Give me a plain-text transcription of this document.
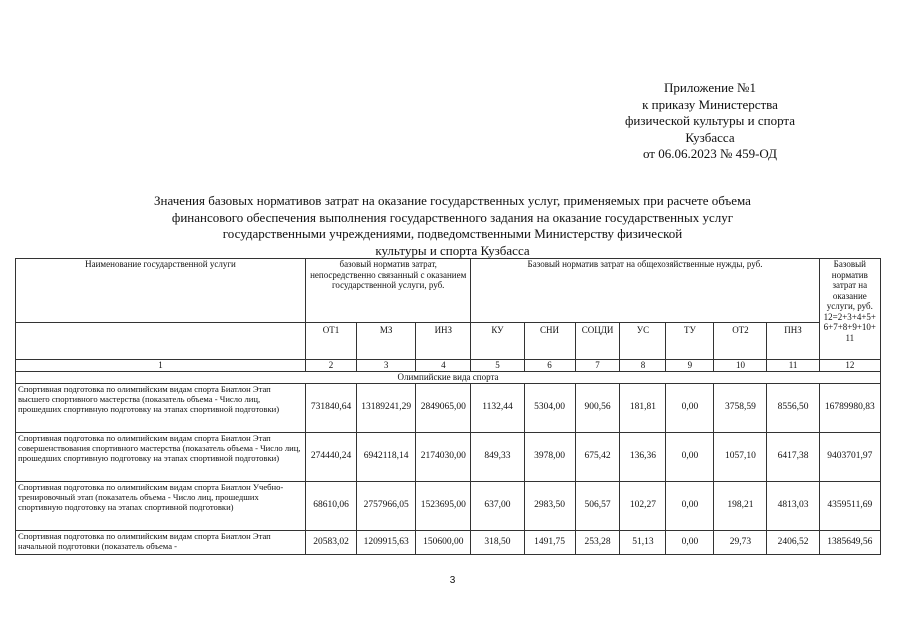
Приложение №1
к приказу Министерства
физической культуры и спорта
Кузбасса
от 06.06.2023 № 459-ОД
Значения базовых нормативов затрат на оказание государственных услуг, применяемых при расчете объема
финансового обеспечения выполнения государственного задания на оказание государственных услуг
государственными учреждениями, подведомственными Министерству физической
культуры и спорта Кузбасса
Наименование государственной услуги	базовый норматив затрат, непосредственно связанный с оказанием государственной услуги, руб.			Базовый норматив затрат на общехозяйственные нужды, руб.							Базовый норматив затрат на оказание услуги, руб.
12=2+3+4+5+6+7+8+9+10+11

	ОТ1	МЗ	ИНЗ	КУ	СНИ	СОЦДИ	УС	ТУ	ОТ2	ПНЗ	
1	2	3	4	5	6	7	8	9	10	11	12
Олимпийские вида спорта											
Спортивная подготовка по олимпийским видам спорта Биатлон Этап высшего спортивного мастерства (показатель объема - Число лиц, прошедших спортивную подготовку на этапах спортивной подготовки)	731840,64	13189241,29	2849065,00	1132,44	5304,00	900,56	181,81	0,00	3758,59	8556,50	16789980,83
Спортивная подготовка по олимпийским видам спорта Биатлон Этап совершенствования спортивного мастерства (показатель объема - Число лиц, прошедших спортивную подготовку на этапах спортивной подготовки)	274440,24	6942118,14	2174030,00	849,33	3978,00	675,42	136,36	0,00	1057,10	6417,38	9403701,97
Спортивная подготовка по олимпийским видам спорта Биатлон Учебно-тренировочный этап (показатель объема - Число лиц, прошедших спортивную подготовку на этапах спортивной подготовки)	68610,06	2757966,05	1523695,00	637,00	2983,50	506,57	102,27	0,00	198,21	4813,03	4359511,69
Спортивная подготовка по олимпийским видам спорта Биатлон Этап начальной подготовки (показатель объема -	20583,02	1209915,63	150600,00	318,50	1491,75	253,28	51,13	0,00	29,73	2406,52	1385649,56
3
